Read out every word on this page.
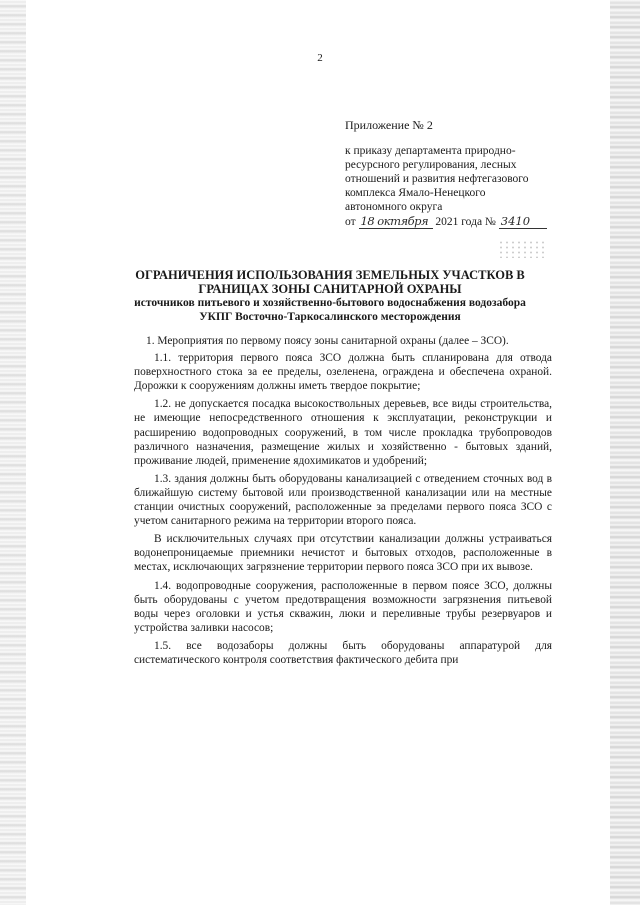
2
Приложение № 2
к приказу департамента природно-
ресурсного регулирования, лесных
отношений и развития нефтегазового
комплекса Ямало-Ненецкого
автономного округа
от 18 октября 2021 года № 3410
ОГРАНИЧЕНИЯ ИСПОЛЬЗОВАНИЯ ЗЕМЕЛЬНЫХ УЧАСТКОВ В
ГРАНИЦАХ ЗОНЫ САНИТАРНОЙ ОХРАНЫ
источников питьевого и хозяйственно-бытового водоснабжения водозабора
УКПГ Восточно-Таркосалинского месторождения

1. Мероприятия по первому поясу зоны санитарной охраны (далее – ЗСО).

1.1. территория первого пояса ЗСО должна быть спланирована для отвода поверхностного стока за ее пределы, озеленена, ограждена и обеспечена охраной. Дорожки к сооружениям должны иметь твердое покрытие;

1.2. не допускается посадка высокоствольных деревьев, все виды строительства, не имеющие непосредственного отношения к эксплуатации, реконструкции и расширению водопроводных сооружений, в том числе прокладка трубопроводов различного назначения, размещение жилых и хозяйственно - бытовых зданий, проживание людей, применение ядохимикатов и удобрений;

1.3. здания должны быть оборудованы канализацией с отведением сточных вод в ближайшую систему бытовой или производственной канализации или на местные станции очистных сооружений, расположенные за пределами первого пояса ЗСО с учетом санитарного режима на территории второго пояса.

В исключительных случаях при отсутствии канализации должны устраиваться водонепроницаемые приемники нечистот и бытовых отходов, расположенные в местах, исключающих загрязнение территории первого пояса ЗСО при их вывозе.

1.4. водопроводные сооружения, расположенные в первом поясе ЗСО, должны быть оборудованы с учетом предотвращения возможности загрязнения питьевой воды через оголовки и устья скважин, люки и переливные трубы резервуаров и устройства заливки насосов;

1.5. все водозаборы должны быть оборудованы аппаратурой для систематического контроля соответствия фактического дебита при
